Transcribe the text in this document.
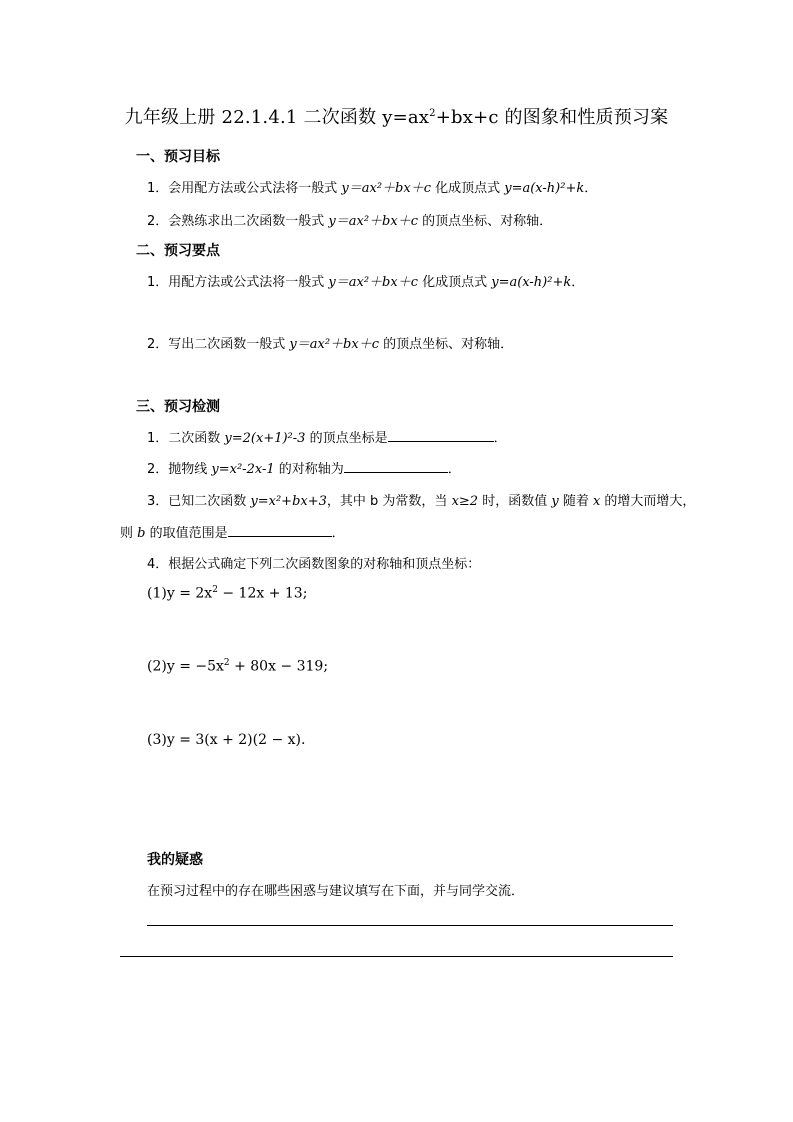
九年级上册 22.1.4.1 二次函数 $y=ax^2+bx+c$ 的图象和性质预习案
一、预习目标
1．会用配方法或公式法将一般式 y＝ax²＋bx＋c 化成顶点式 y=a(x-h)²+k．
2．会熟练求出二次函数一般式 y＝ax²＋bx＋c 的顶点坐标、对称轴．
二、预习要点
1．用配方法或公式法将一般式 y＝ax²＋bx＋c 化成顶点式 y=a(x-h)²+k．
2．写出二次函数一般式 y＝ax²＋bx＋c 的顶点坐标、对称轴．
三、预习检测
1．二次函数 y=2(x+1)²-3 的顶点坐标是	．
2．抛物线 y=x²-2x-1 的对称轴为	．
3．已知二次函数 y=x²+bx+3，其中 b 为常数，当 x≥2 时，函数值 y 随着 x 的增大而增大，
则 b 的取值范围是	．
4．根据公式确定下列二次函数图象的对称轴和顶点坐标：
$(1)y = 2x^2 - 12x + 13$;
$(2)y = -5x^2 + 80x - 319$;
(3)y = 3(x + 2)(2 − x).
我的疑惑
在预习过程中的存在哪些困惑与建议填写在下面，并与同学交流．
